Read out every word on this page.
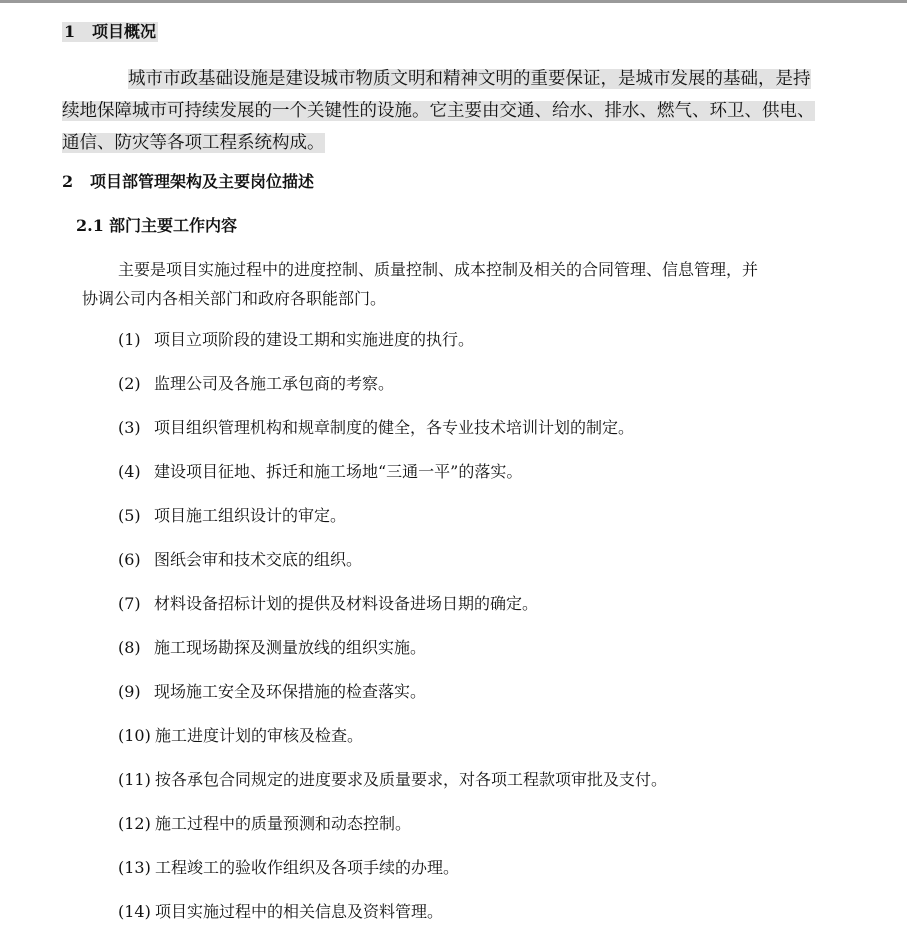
1 项目概况
城市市政基础设施是建设城市物质文明和精神文明的重要保证，是城市发展的基础，是持
续地保障城市可持续发展的一个关键性的设施。它主要由交通、给水、排水、燃气、环卫、供电、
通信、防灾等各项工程系统构成。
2 项目部管理架构及主要岗位描述
2.1 部门主要工作内容
主要是项目实施过程中的进度控制、质量控制、成本控制及相关的合同管理、信息管理，并
协调公司内各相关部门和政府各职能部门。
(1) 项目立项阶段的建设工期和实施进度的执行。
(2) 监理公司及各施工承包商的考察。
(3) 项目组织管理机构和规章制度的健全，各专业技术培训计划的制定。
(4) 建设项目征地、拆迁和施工场地“三通一平”的落实。
(5) 项目施工组织设计的审定。
(6) 图纸会审和技术交底的组织。
(7) 材料设备招标计划的提供及材料设备进场日期的确定。
(8) 施工现场勘探及测量放线的组织实施。
(9) 现场施工安全及环保措施的检查落实。
(10) 施工进度计划的审核及检查。
(11) 按各承包合同规定的进度要求及质量要求，对各项工程款项审批及支付。
(12) 施工过程中的质量预测和动态控制。
(13) 工程竣工的验收作组织及各项手续的办理。
(14) 项目实施过程中的相关信息及资料管理。
